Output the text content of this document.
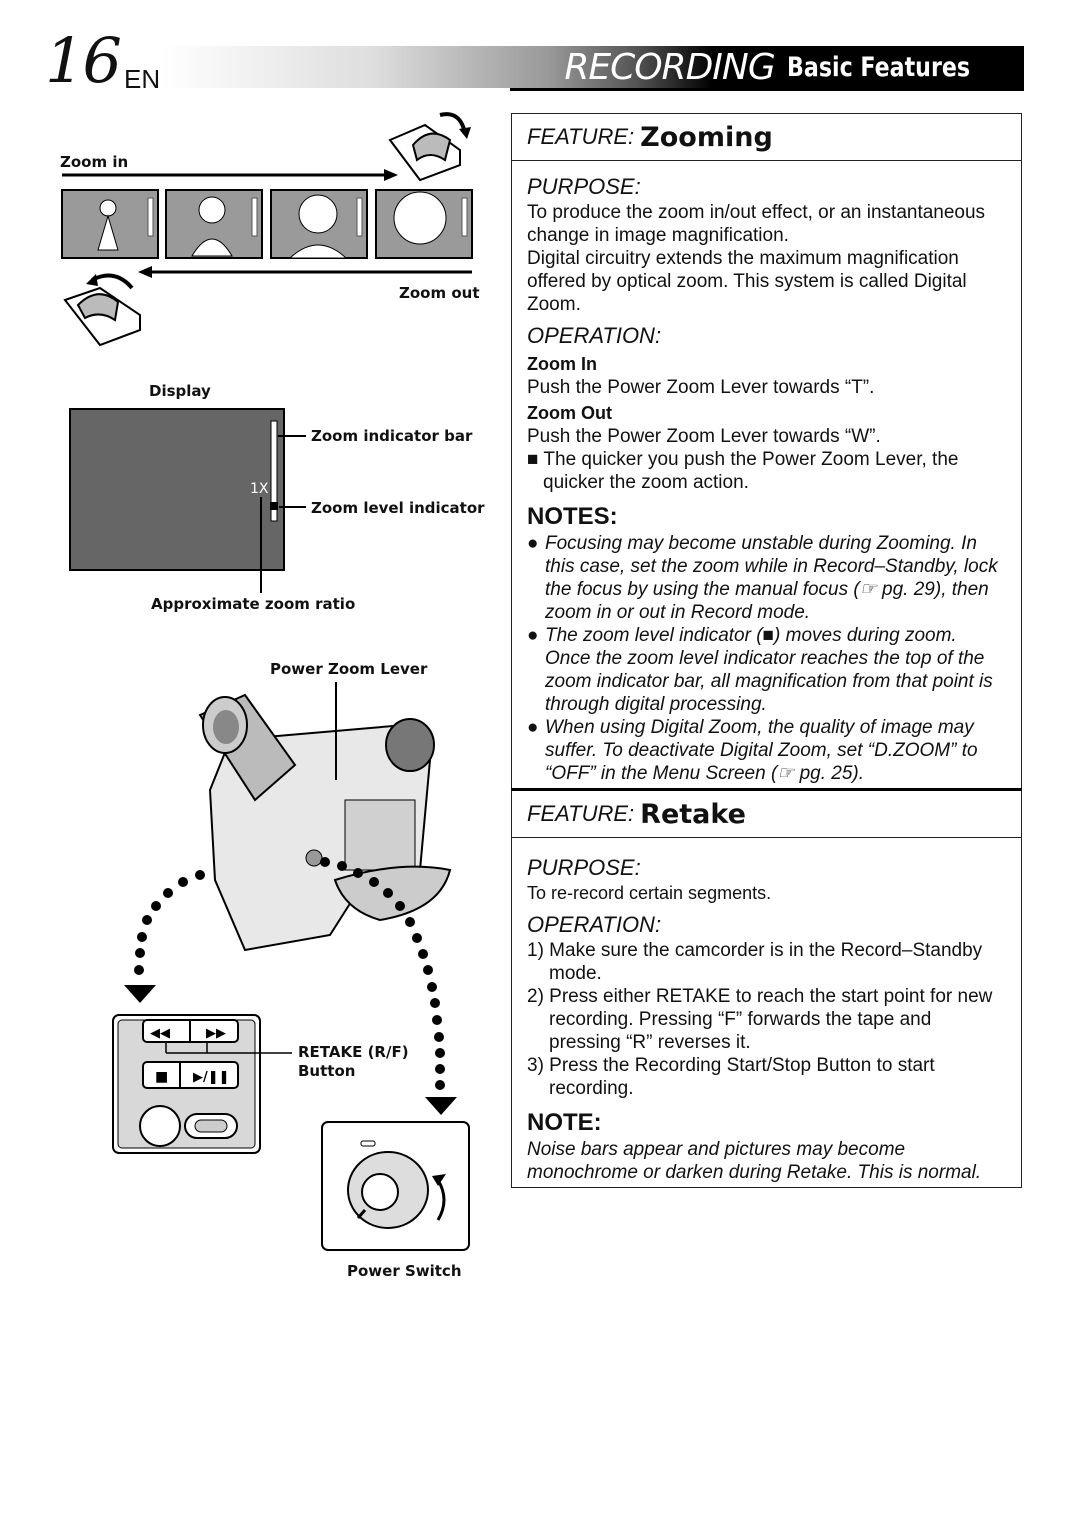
16 EN	RECORDING Basic Features
◀◀	▶▶
■ ▶/❚❚
Zoom in
Zoom out
Display
1X
Zoom indicator bar
Zoom level indicator
Approximate zoom ratio
Power Zoom Lever
RETAKE (R/F)
Button
Power Switch
FEATURE: Zooming
PURPOSE:

To produce the zoom in/out effect, or an instantaneous change in image magnification.

Digital circuitry extends the maximum magnification offered by optical zoom. This system is called Digital Zoom.

OPERATION:
Zoom In

Push the Power Zoom Lever towards “T”.

Zoom Out

Push the Power Zoom Lever towards “W”.

■ The quicker you push the Power Zoom Lever, the quicker the zoom action.

NOTES:
● Focusing may become unstable during Zooming. In this case, set the zoom while in Record–Standby, lock the focus by using the manual focus (☞ pg. 29), then zoom in or out in Record mode.
● The zoom level indicator (■) moves during zoom. Once the zoom level indicator reaches the top of the zoom indicator bar, all magnification from that point is through digital processing.
● When using Digital Zoom, the quality of image may suffer. To deactivate Digital Zoom, set “D.ZOOM” to “OFF” in the Menu Screen (☞ pg. 25).
FEATURE: Retake
PURPOSE:

To re-record certain segments.

OPERATION:

1) Make sure the camcorder is in the Record–Standby mode.

2) Press either RETAKE to reach the start point for new recording. Pressing “F” forwards the tape and pressing “R” reverses it.

3) Press the Recording Start/Stop Button to start recording.

NOTE:

Noise bars appear and pictures may become monochrome or darken during Retake. This is normal.
